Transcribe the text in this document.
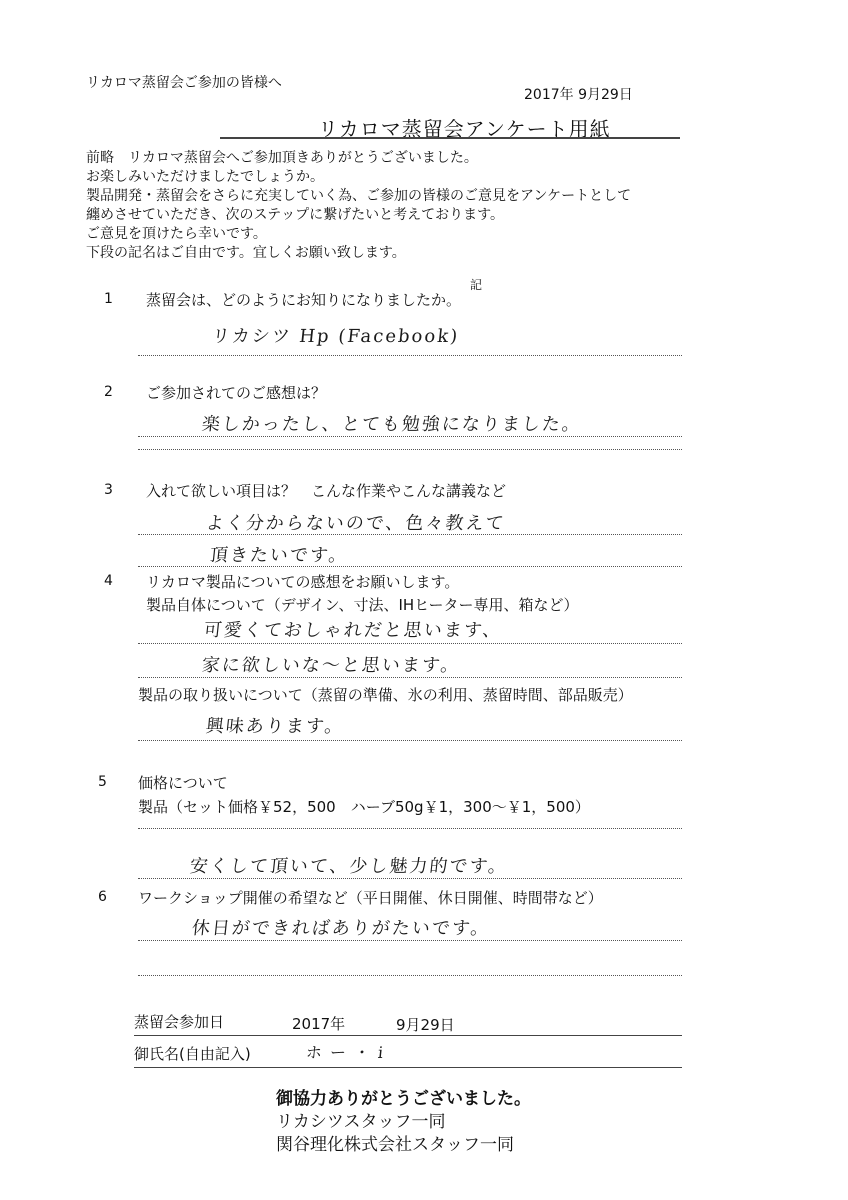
リカロマ蒸留会ご参加の皆様へ
2017年 9月29日
リカロマ蒸留会アンケート用紙
前略　リカロマ蒸留会へご参加頂きありがとうございました。
お楽しみいただけましたでしょうか。
製品開発・蒸留会をさらに充実していく為、ご参加の皆様のご意見をアンケートとして
纏めさせていただき、次のステップに繋げたいと考えております。
ご意見を頂けたら幸いです。
下段の記名はご自由です。宜しくお願い致します。
記
1 蒸留会は、どのようにお知りになりましたか。
リカシツ Hp (Facebook)
2 ご参加されてのご感想は？
楽しかったし、とても勉強になりました。
3 入れて欲しい項目は？　こんな作業やこんな講義など
よく分からないので、色々教えて
頂きたいです。
4 リカロマ製品についての感想をお願いします。
製品自体について（デザイン、寸法、IHヒーター専用、箱など）
可愛くておしゃれだと思います、
家に欲しいな〜と思います。
製品の取り扱いについて（蒸留の準備、氷の利用、蒸留時間、部品販売）
興味あります。
5 価格について
製品（セット価格￥52，500　ハーブ50g￥1，300～￥1，500）
安くして頂いて、少し魅力的です。
6 ワークショップ開催の希望など（平日開催、休日開催、時間帯など）
休日ができればありがたいです。
蒸留会参加日	2017年	9月29日
御氏名(自由記入)	ホー・i
御協力ありがとうございました。
リカシツスタッフ一同
関谷理化株式会社スタッフ一同
